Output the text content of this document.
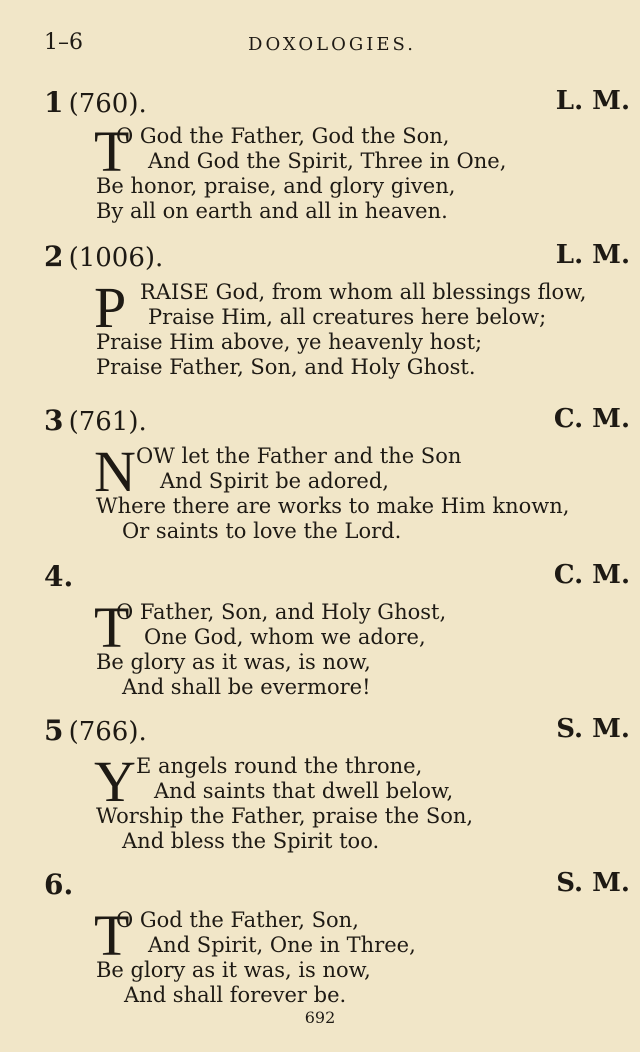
1–6	DOXOLOGIES.
1 (760).	L. M.
T
O God the Father, God the Son,
And God the Spirit, Three in One,
Be honor, praise, and glory given,
By all on earth and all in heaven.
2 (1006).	L. M.
P RAISE God, from whom all blessings flow,
Praise Him, all creatures here below;
Praise Him above, ye heavenly host;
Praise Father, Son, and Holy Ghost.
3 (761).	C. M.
N OW let the Father and the Son
And Spirit be adored,
Where there are works to make Him known,
Or saints to love the Lord.
4.	C. M.
T
O Father, Son, and Holy Ghost,
One God, whom we adore,
Be glory as it was, is now,
And shall be evermore!
5 (766).	S. M.
Y E angels round the throne,
And saints that dwell below,
Worship the Father, praise the Son,
And bless the Spirit too.
6.	S. M.
T
O God the Father, Son,
And Spirit, One in Three,
Be glory as it was, is now,
And shall forever be.
692
